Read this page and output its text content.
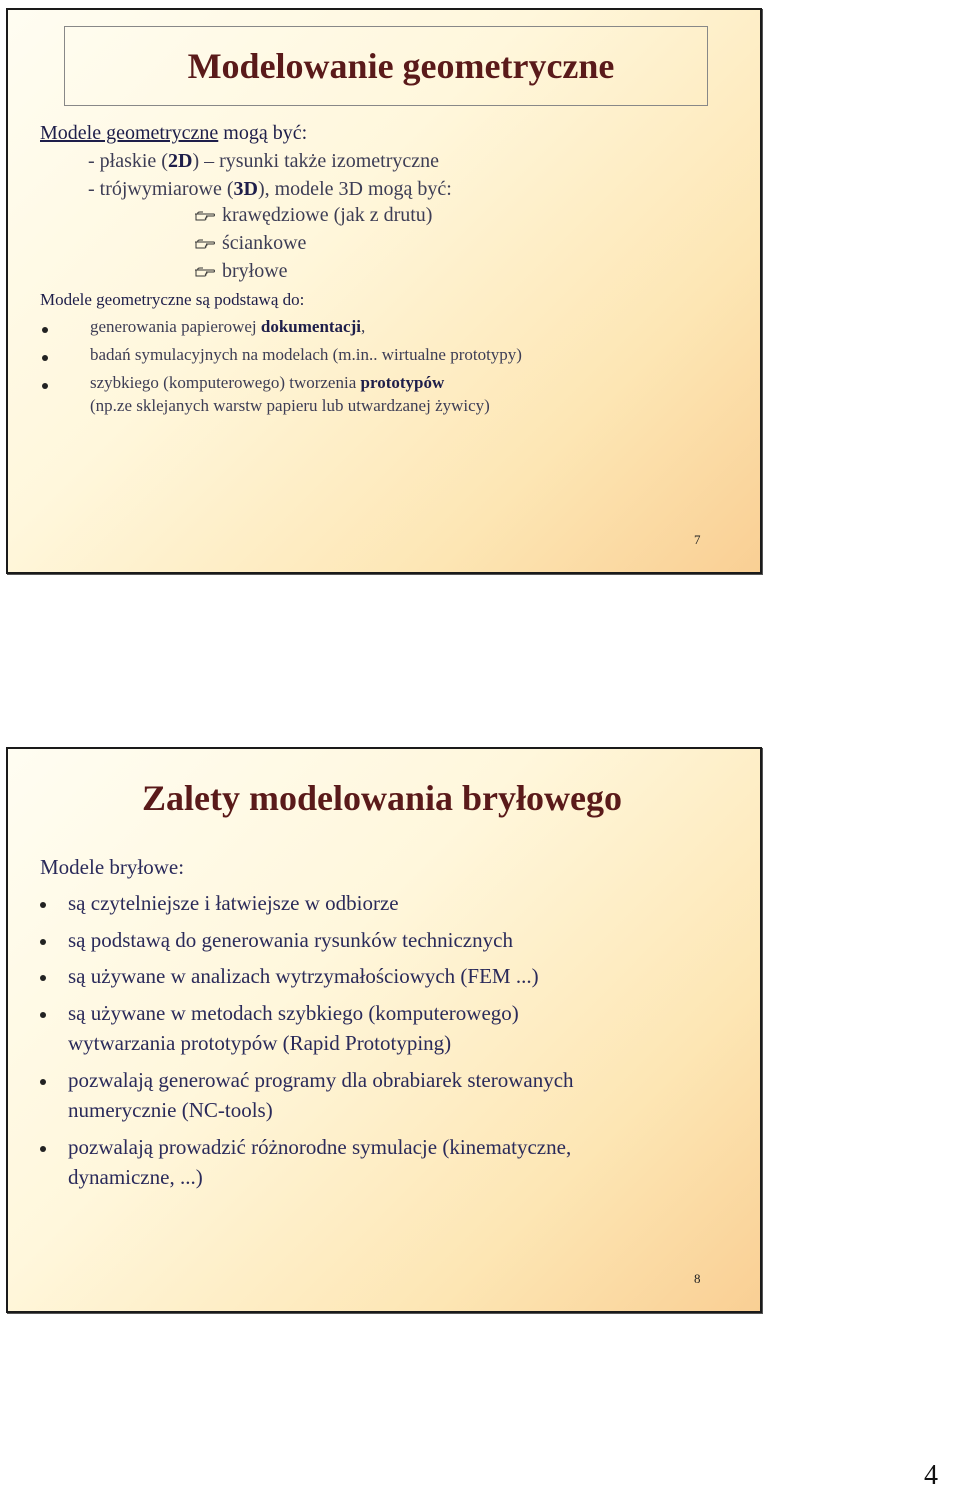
Modelowanie geometryczne
Modele geometryczne mogą być:
- płaskie (2D) – rysunki także izometryczne
- trójwymiarowe (3D), modele 3D mogą być:
krawędziowe (jak z drutu)
ściankowe
bryłowe
Modele geometryczne są podstawą do:
generowania papierowej dokumentacji,
badań symulacyjnych na modelach (m.in.. wirtualne prototypy)
szybkiego (komputerowego) tworzenia prototypów
(np.ze sklejanych warstw papieru lub utwardzanej żywicy)
7
Zalety modelowania bryłowego
Modele bryłowe:
są czytelniejsze i łatwiejsze w odbiorze
są podstawą do generowania rysunków technicznych
są używane w analizach wytrzymałościowych (FEM ...)
są używane w metodach szybkiego (komputerowego)
wytwarzania prototypów (Rapid Prototyping)
pozwalają generować programy dla obrabiarek sterowanych
numerycznie (NC-tools)
pozwalają prowadzić różnorodne symulacje (kinematyczne,
dynamiczne, ...)
8
4
